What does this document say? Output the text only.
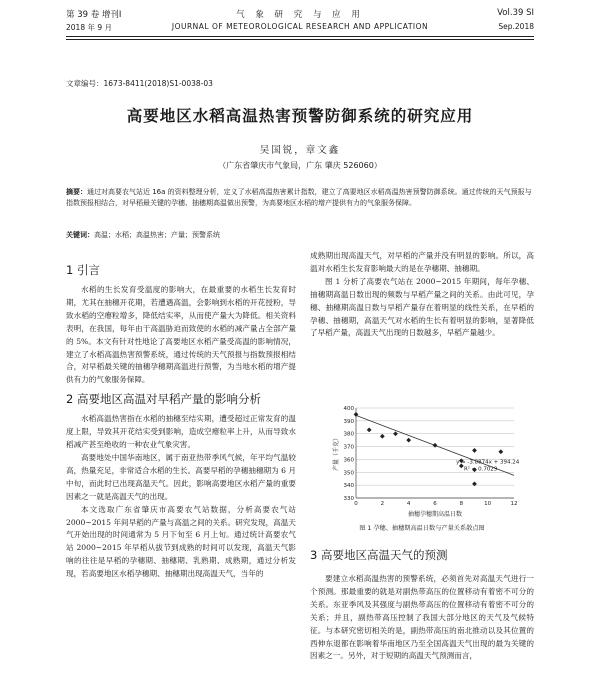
第 39 卷 增刊Ⅰ	气 象 研 究 与 应 用	Vol.39 SI
2018 年 9 月	JOURNAL OF METEOROLOGICAL RESEARCH AND APPLICATION	Sep.2018
文章编号：1673-8411(2018)S1-0038-03
高要地区水稻高温热害预警防御系统的研究应用
吴国锐，章文鑫
（广东省肇庆市气象局，广东 肇庆 526060）
摘要：通过对高要农气站近 16a 的资料整理分析，定义了水稻高温热害累计指数，建立了高要地区水稻高温热害预警防御系统。通过传统的天气预报与指数预报相结合，对早稻最关键的孕穗、抽穗期高温做出预警，为高要地区水稻的增产提供有力的气象服务保障。
关键词：高温；水稻；高温热害；产量；预警系统
1 引言

水稻的生长发育受温度的影响大，在最重要的水稻生长发育时期，尤其在抽穗开花期，若遭遇高温，会影响到水稻的开花授粉，导致水稻的空瘪粒增多，降低结实率，从而使产量大为降低。相关资料表明，在我国，每年由于高温胁迫而致使的水稻的减产量占全部产量的 5%。本文有针对性地论了高要地区水稻产量受高温的影响情况，建立了水稻高温热害预警系统，通过传统的天气预报与指数预报相结合，对早稻最关键的抽穗孕穗期高温进行预警，为当地水稻的增产提供有力的气象服务保障。

2 高要地区高温对早稻产量的影响分析

水稻高温热害指在水稻的抽穗至结实期，遭受超过正常发育的温度上限，导致其开花结实受到影响，造成空瘪粒率上升，从而导致水稻减产甚至绝收的一种农业气象灾害。

高要地处中国华南地区，属于南亚热带季风气候，年平均气温较高，热量充足，非常适合水稻的生长。高要早稻的孕穗抽穗期为 6 月中旬，而此时已出现高温天气。因此，影响高要地区水稻产量的重要因素之一就是高温天气的出现。

本文选取广东省肇庆市高要农气站数据，分析高要农气站 2000~2015 年间早稻的产量与高温之间的关系。研究发现，高温天气开始出现的时间通常为 5 月下旬至 6 月上旬。通过统计高要农气站 2000~2015 年早稻从拔节到成熟的时间可以发现，高温天气影响的往往是早稻的孕穗期、抽穗期、乳熟期、成熟期，通过分析发现，若高要地区水稻孕穗期、抽穗期出现高温天气，当年的

成熟期出现高温天气，对早稻的产量并没有明显的影响。所以，高温对水稻生长发育影响最大的是在孕穗期、抽穗期。

图 1 分析了高要农气站在 2000~2015 年期间，每年孕穗、抽穗期高温日数出现的频数与早稻产量之间的关系。由此可见，孕穗、抽穗期高温日数与早稻产量存在着明显的线性关系，在早稻的孕穗、抽穗期，高温天气对水稻的生长有着明显的影响，显著降低了早稻产量，高温天气出现的日数越多，早稻产量越少。

330
340
350
360
370
380
390
400
0	2	4	6	8	10	12
y = -3.8874x + 394.24
R² = 0.7029
抽穗孕穗期高温日数
产量（千克）
图 1 孕穗、抽穗期高温日数与产量关系散点图
3 高要地区高温天气的预测

要建立水稻高温热害的预警系统，必须首先对高温天气进行一个预测。那最重要的就是对副热带高压的位置移动有着密不可分的关系。东亚季风及其强度与副热带高压的位置移动有着密不可分的关系；并且，副热带高压控制了我国大部分地区的天气及气候特征。与本研究密切相关的是，副热带高压的南北推动以及其位置的西伸东退都在影响着华南地区乃至全国高温天气出现的最为关键的因素之一。另外，对于短期的高温天气预测而言，
